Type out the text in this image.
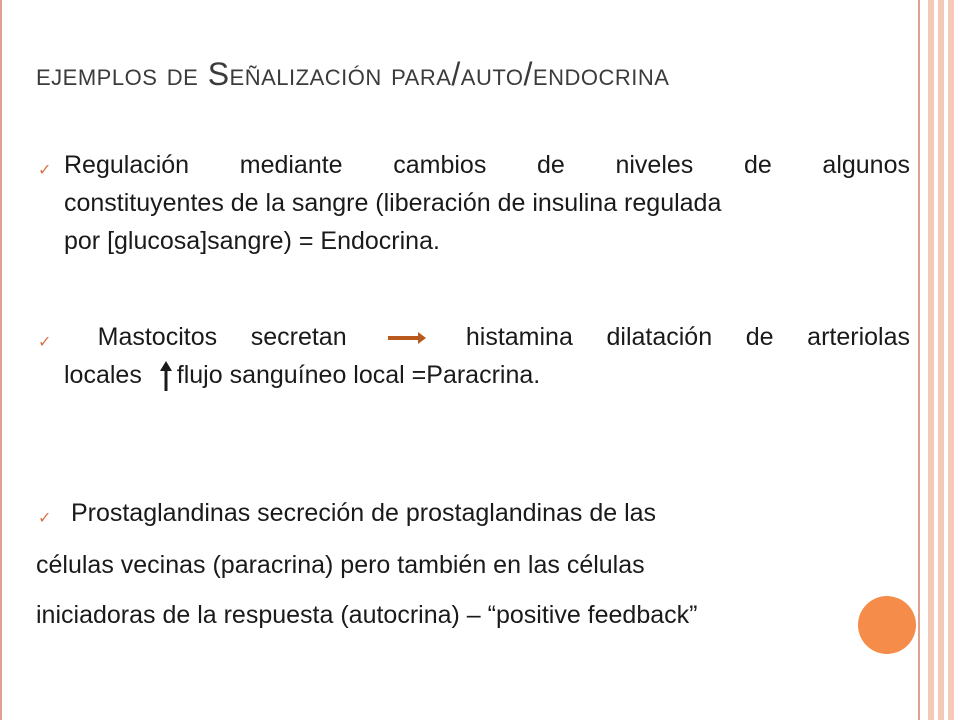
ejemplos de Señalización para/auto/endocrina
✓ Regulación mediante cambios de niveles de algunos
constituyentes de la sangre (liberación de insulina regulada
por [glucosa]sangre) = Endocrina.
✓	Mastocitos secretan	histamina dilatación de arteriolas
locales flujo sanguíneo local =Paracrina.
✓ Prostaglandinas secreción de prostaglandinas de las
células vecinas (paracrina) pero también en las células
iniciadoras de la respuesta (autocrina) – “positive feedback”
